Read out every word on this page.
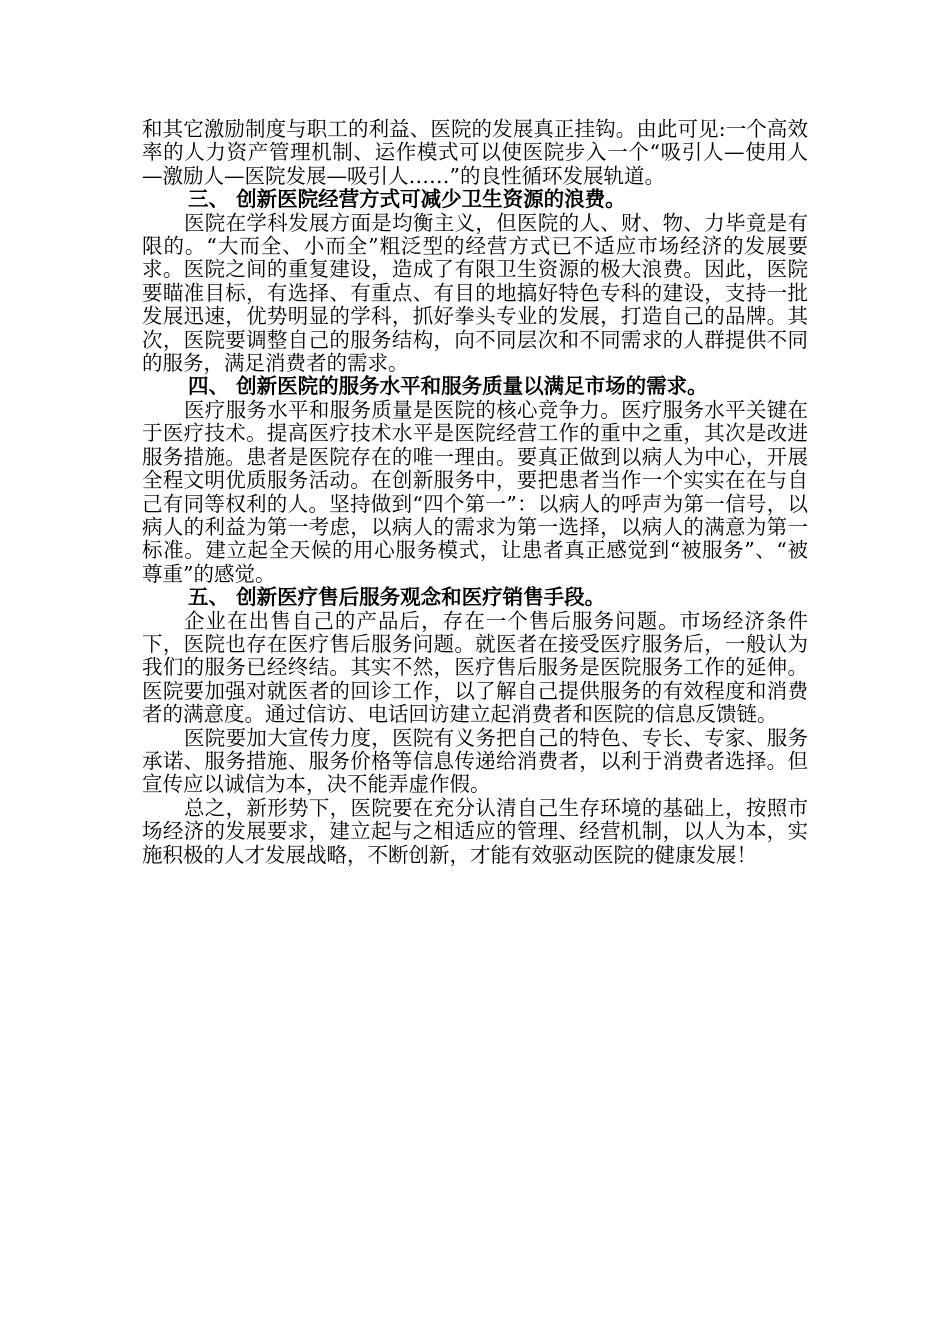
和其它激励制度与职工的利益、医院的发展真正挂钩。由此可见:一个高效率的人力资产管理机制、运作模式可以使医院步入一个“吸引人—使用人—激励人—医院发展—吸引人……”的良性循环发展轨道。

三、 创新医院经营方式可减少卫生资源的浪费。

医院在学科发展方面是均衡主义，但医院的人、财、物、力毕竟是有限的。“大而全、小而全”粗泛型的经营方式已不适应市场经济的发展要求。医院之间的重复建设，造成了有限卫生资源的极大浪费。因此，医院要瞄准目标，有选择、有重点、有目的地搞好特色专科的建设，支持一批发展迅速，优势明显的学科，抓好拳头专业的发展，打造自己的品牌。其次，医院要调整自己的服务结构，向不同层次和不同需求的人群提供不同的服务，满足消费者的需求。

四、 创新医院的服务水平和服务质量以满足市场的需求。

医疗服务水平和服务质量是医院的核心竞争力。医疗服务水平关键在于医疗技术。提高医疗技术水平是医院经营工作的重中之重，其次是改进服务措施。患者是医院存在的唯一理由。要真正做到以病人为中心，开展全程文明优质服务活动。在创新服务中，要把患者当作一个实实在在与自己有同等权利的人。坚持做到“四个第一”：以病人的呼声为第一信号，以病人的利益为第一考虑，以病人的需求为第一选择，以病人的满意为第一标准。建立起全天候的用心服务模式，让患者真正感觉到“被服务”、“被尊重”的感觉。

五、 创新医疗售后服务观念和医疗销售手段。

企业在出售自己的产品后，存在一个售后服务问题。市场经济条件下，医院也存在医疗售后服务问题。就医者在接受医疗服务后，一般认为我们的服务已经终结。其实不然，医疗售后服务是医院服务工作的延伸。医院要加强对就医者的回诊工作，以了解自己提供服务的有效程度和消费者的满意度。通过信访、电话回访建立起消费者和医院的信息反馈链。

医院要加大宣传力度，医院有义务把自己的特色、专长、专家、服务承诺、服务措施、服务价格等信息传递给消费者，以利于消费者选择。但宣传应以诚信为本，决不能弄虚作假。

总之，新形势下，医院要在充分认清自己生存环境的基础上，按照市场经济的发展要求，建立起与之相适应的管理、经营机制，以人为本，实施积极的人才发展战略，不断创新，才能有效驱动医院的健康发展！
